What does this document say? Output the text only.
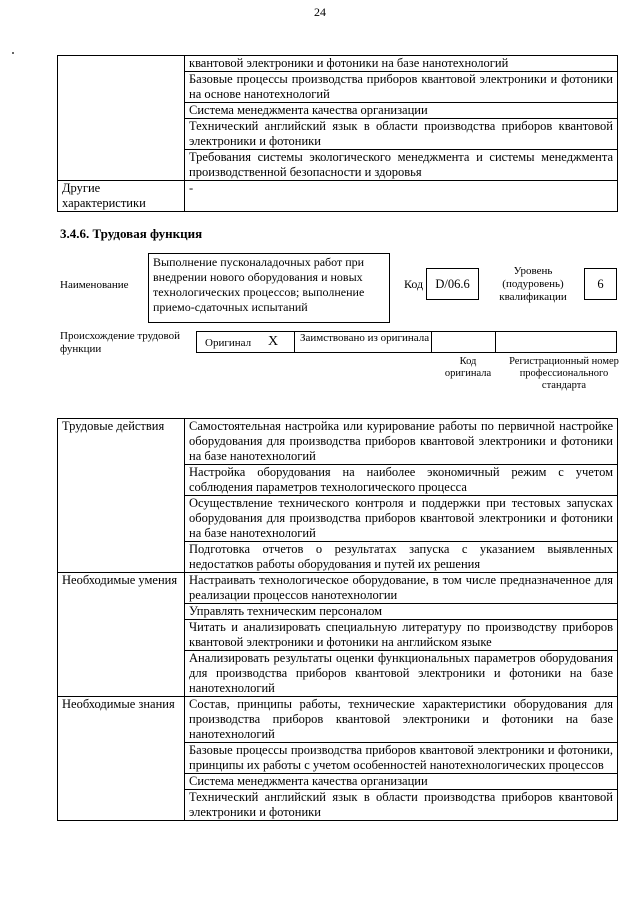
24
	квантовой электроники и фотоники на базе нанотехнологий
	Базовые процессы производства приборов квантовой электроники и фотоники на основе нанотехнологий
	Система менеджмента качества организации
	Технический английский язык в области производства приборов квантовой электроники и фотоники
	Требования системы экологического менеджмента и системы менеджмента производственной безопасности и здоровья
Другие характеристики	-
3.4.6. Трудовая функция
Наименование
Выполнение пусконаладочных работ при внедрении нового оборудования и новых технологических процессов; выполнение приемо-сдаточных испытаний
Код D/06.6
Уровень (подуровень) квалификации
6
Происхождение трудовой функции	Оригинал X Заимствовано из оригинала
Код оригинала
Регистрационный номер профессионального стандарта
Трудовые действия	Самостоятельная настройка или курирование работы по первичной настройке оборудования для производства приборов квантовой электроники и фотоники на базе нанотехнологий
	Настройка оборудования на наиболее экономичный режим с учетом соблюдения параметров технологического процесса
	Осуществление технического контроля и поддержки при тестовых запусках оборудования для производства приборов квантовой электроники и фотоники на базе нанотехнологий
	Подготовка отчетов о результатах запуска с указанием выявленных недостатков работы оборудования и путей их решения
Необходимые умения	Настраивать технологическое оборудование, в том числе предназначенное для реализации процессов нанотехнологии
	Управлять техническим персоналом
	Читать и анализировать специальную литературу по производству приборов квантовой электроники и фотоники на английском языке
	Анализировать результаты оценки функциональных параметров оборудования для производства приборов квантовой электроники и фотоники на базе нанотехнологий
Необходимые знания	Состав, принципы работы, технические характеристики оборудования для производства приборов квантовой электроники и фотоники на базе нанотехнологий
	Базовые процессы производства приборов квантовой электроники и фотоники, принципы их работы с учетом особенностей нанотехнологических процессов
	Система менеджмента качества организации
	Технический английский язык в области производства приборов квантовой электроники и фотоники
